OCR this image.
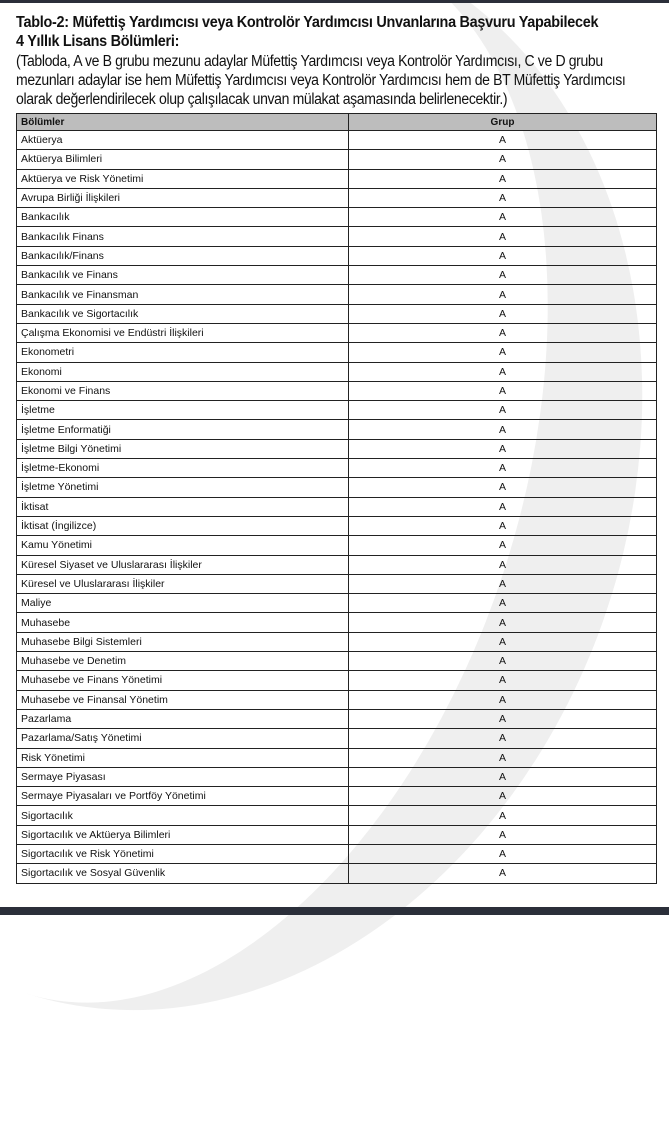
Tablo-2: Müfettiş Yardımcısı veya Kontrolör Yardımcısı Unvanlarına Başvuru Yapabilecek
4 Yıllık Lisans Bölümleri:
(Tabloda, A ve B grubu mezunu adaylar Müfettiş Yardımcısı veya Kontrolör Yardımcısı, C ve D grubu
mezunları adaylar ise hem Müfettiş Yardımcısı veya Kontrolör Yardımcısı hem de BT Müfettiş Yardımcısı
olarak değerlendirilecek olup çalışılacak unvan mülakat aşamasında belirlenecektir.)
Bölümler	Grup
Aktüerya	A
Aktüerya Bilimleri	A
Aktüerya ve Risk Yönetimi	A
Avrupa Birliği İlişkileri	A
Bankacılık	A
Bankacılık Finans	A
Bankacılık/Finans	A
Bankacılık ve Finans	A
Bankacılık ve Finansman	A
Bankacılık ve Sigortacılık	A
Çalışma Ekonomisi ve Endüstri İlişkileri	A
Ekonometri	A
Ekonomi	A
Ekonomi ve Finans	A
İşletme	A
İşletme Enformatiği	A
İşletme Bilgi Yönetimi	A
İşletme-Ekonomi	A
İşletme Yönetimi	A
İktisat	A
İktisat (İngilizce)	A
Kamu Yönetimi	A
Küresel Siyaset ve Uluslararası İlişkiler	A
Küresel ve Uluslararası İlişkiler	A
Maliye	A
Muhasebe	A
Muhasebe Bilgi Sistemleri	A
Muhasebe ve Denetim	A
Muhasebe ve Finans Yönetimi	A
Muhasebe ve Finansal Yönetim	A
Pazarlama	A
Pazarlama/Satış Yönetimi	A
Risk Yönetimi	A
Sermaye Piyasası	A
Sermaye Piyasaları ve Portföy Yönetimi	A
Sigortacılık	A
Sigortacılık ve Aktüerya Bilimleri	A
Sigortacılık ve Risk Yönetimi	A
Sigortacılık ve Sosyal Güvenlik	A
